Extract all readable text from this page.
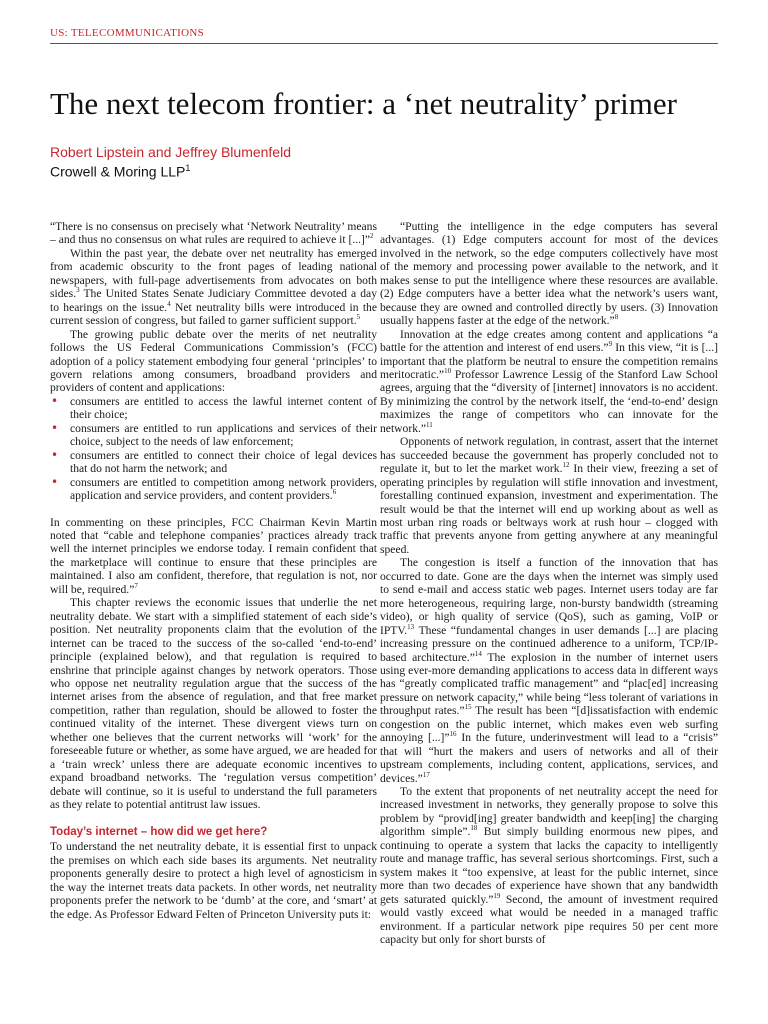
US: TELECOMMUNICATIONS
The next telecom frontier: a ‘net neutrality’ primer
Robert Lipstein and Jeffrey Blumenfeld
Crowell & Moring LLP$^1$

“There is no consensus on precisely what ‘Network Neutrality’ means – and thus no consensus on what rules are required to achieve it [...]”$^2$

Within the past year, the debate over net neutrality has emerged from academic obscurity to the front pages of leading national newspapers, with full-page advertisements from advocates on both sides.$^3$ The United States Senate Judiciary Committee devoted a day to hearings on the issue.$^4$ Net neutrality bills were introduced in the current session of congress, but failed to garner sufficient support.$^5$

The growing public debate over the merits of net neutrality follows the US Federal Communications Commission’s (FCC) adoption of a policy statement embodying four general ‘principles’ to govern relations among consumers, broadband providers and providers of content and applications:

• consumers are entitled to access the lawful internet content of their choice;
• consumers are entitled to run applications and services of their choice, subject to the needs of law enforcement;
• consumers are entitled to connect their choice of legal devices that do not harm the network; and
• consumers are entitled to competition among network providers, application and service providers, and content providers.$^6$

In commenting on these principles, FCC Chairman Kevin Martin noted that “cable and telephone companies’ practices already track well the internet principles we endorse today. I remain confident that the marketplace will continue to ensure that these principles are maintained. I also am confident, therefore, that regulation is not, nor will be, required.”$^7$

This chapter reviews the economic issues that underlie the net neutrality debate. We start with a simplified statement of each side’s position. Net neutrality proponents claim that the evolution of the internet can be traced to the success of the so-called ‘end-to-end’ principle (explained below), and that regulation is required to enshrine that principle against changes by network operators. Those who oppose net neutrality regulation argue that the success of the internet arises from the absence of regulation, and that free market competition, rather than regulation, should be allowed to foster the continued vitality of the internet. These divergent views turn on whether one believes that the current networks will ‘work’ for the foreseeable future or whether, as some have argued, we are headed for a ‘train wreck’ unless there are adequate economic incentives to expand broadband networks. The ‘regulation versus competition’ debate will continue, so it is useful to understand the full parameters as they relate to potential antitrust law issues.

Today’s internet – how did we get here?

To understand the net neutrality debate, it is essential first to unpack the premises on which each side bases its arguments. Net neutrality proponents generally desire to protect a high level of agnosticism in the way the internet treats data packets. In other words, net neutrality proponents prefer the network to be ‘dumb’ at the core, and ‘smart’ at the edge. As Professor Edward Felten of Princeton University puts it:

“Putting the intelligence in the edge computers has several advantages. (1) Edge computers account for most of the devices involved in the network, so the edge computers collectively have most of the memory and processing power available to the network, and it makes sense to put the intelligence where these resources are available. (2) Edge computers have a better idea what the network’s users want, because they are owned and controlled directly by users. (3) Innovation usually happens faster at the edge of the network.”$^8$

Innovation at the edge creates among content and applications “a battle for the attention and interest of end users.”$^9$ In this view, “it is [...] important that the platform be neutral to ensure the competition remains meritocratic.”$^{10}$ Professor Lawrence Lessig of the Stanford Law School agrees, arguing that the “diversity of [internet] innovators is no accident. By minimizing the control by the network itself, the ‘end-to-end’ design maximizes the range of competitors who can innovate for the network.”$^{11}$

Opponents of network regulation, in contrast, assert that the internet has succeeded because the government has properly concluded not to regulate it, but to let the market work.$^{12}$ In their view, freezing a set of operating principles by regulation will stifle innovation and investment, forestalling continued expansion, investment and experimentation. The result would be that the internet will end up working about as well as most urban ring roads or beltways work at rush hour – clogged with traffic that prevents anyone from getting anywhere at any meaningful speed.

The congestion is itself a function of the innovation that has occurred to date. Gone are the days when the internet was simply used to send e-mail and access static web pages. Internet users today are far more heterogeneous, requiring large, non-bursty bandwidth (streaming video), or high quality of service (QoS), such as gaming, VoIP or IPTV.$^{13}$ These “fundamental changes in user demands [...] are placing increasing pressure on the continued adherence to a uniform, TCP/IP-based architecture.”$^{14}$ The explosion in the number of internet users using ever-more demanding applications to access data in different ways has “greatly complicated traffic management” and “plac[ed] increasing pressure on network capacity,” while being “less tolerant of variations in throughput rates.”$^{15}$ The result has been “[d]issatisfaction with endemic congestion on the public internet, which makes even web surfing annoying [...]”$^{16}$ In the future, underinvestment will lead to a “crisis” that will “hurt the makers and users of networks and all of their upstream complements, including content, applications, services, and devices.”$^{17}$

To the extent that proponents of net neutrality accept the need for increased investment in networks, they generally propose to solve this problem by “provid[ing] greater bandwidth and keep[ing] the charging algorithm simple”.$^{18}$ But simply building enormous new pipes, and continuing to operate a system that lacks the capacity to intelligently route and manage traffic, has several serious shortcomings. First, such a system makes it “too expensive, at least for the public internet, since more than two decades of experience have shown that any bandwidth gets saturated quickly.”$^{19}$ Second, the amount of investment required would vastly exceed what would be needed in a managed traffic environment. If a particular network pipe requires 50 per cent more capacity but only for short bursts of
